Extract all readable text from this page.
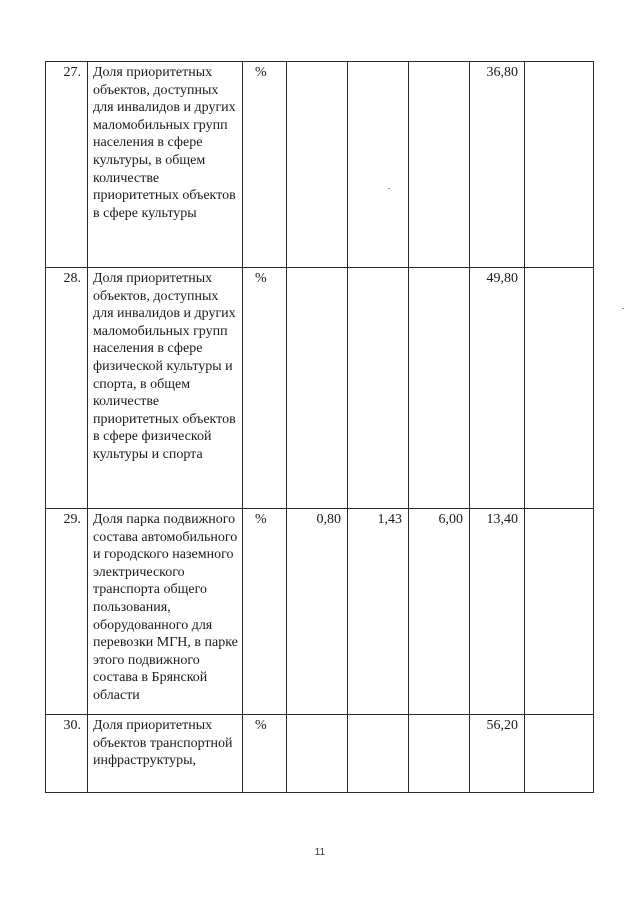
27.	Доля приоритетных объектов, доступных для инвалидов и других маломобильных групп населения в сфере культуры, в общем количестве приоритетных объектов в сфере культуры	%				36,80	
28.	Доля приоритетных объектов, доступных для инвалидов и других маломобильных групп населения в сфере физической культуры и спорта, в общем количестве приоритетных объектов в сфере физической культуры и спорта	%				49,80	
29.	Доля парка подвижного состава автомобильного и городского наземного электрического транспорта общего пользования, оборудованного для перевозки МГН, в парке этого подвижного состава в Брянской области	%	0,80	1,43	6,00	13,40	
30.	Доля приоритетных объектов транспортной инфраструктуры,	%				56,20	
11
